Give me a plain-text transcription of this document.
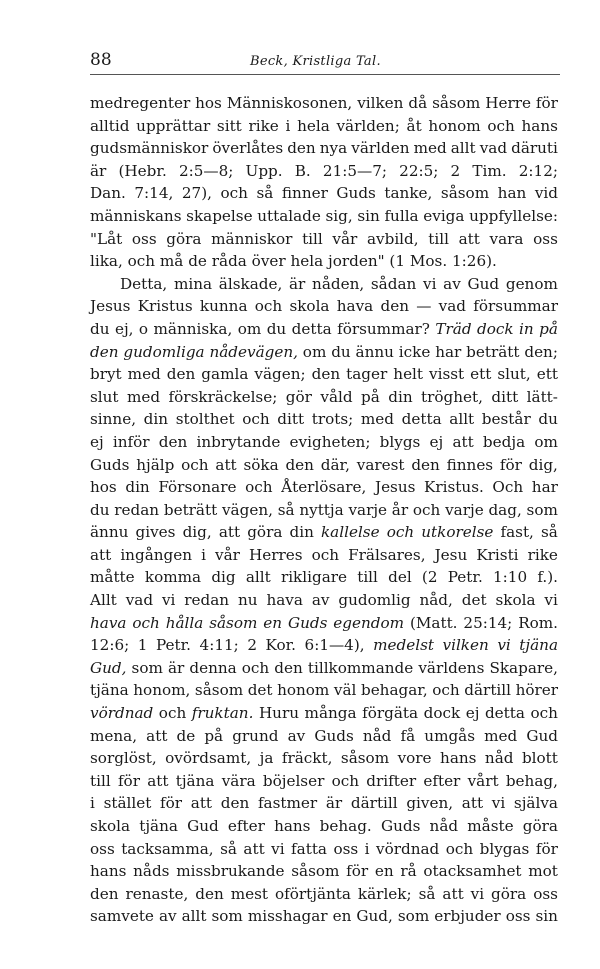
88	Beck, Kristliga Tal.
medregenter hos Människosonen, vilken då såsom Herre för
alltid upprättar sitt rike i hela världen; åt honom och hans
gudsmänniskor överlåtes den nya världen med allt vad däruti
är (Hebr. 2:5—8; Upp. B. 21:5—7; 22:5; 2 Tim. 2:12;
Dan. 7:14, 27), och så finner Guds tanke, såsom han vid
människans skapelse uttalade sig, sin fulla eviga uppfyllelse:
"Låt oss göra människor till vår avbild, till att vara oss
lika, och må de råda över hela jorden" (1 Mos. 1:26).
Detta, mina älskade, är nåden, sådan vi av Gud genom
Jesus Kristus kunna och skola hava den — vad försummar
du ej, o människa, om du detta försummar? Träd dock in på
den gudomliga nådevägen, om du ännu icke har beträtt den;
bryt med den gamla vägen; den tager helt visst ett slut, ett
slut med förskräckelse; gör våld på din tröghet, ditt lätt-
sinne, din stolthet och ditt trots; med detta allt består du
ej inför den inbrytande evigheten; blygs ej att bedja om
Guds hjälp och att söka den där, varest den finnes för dig,
hos din Försonare och Återlösare, Jesus Kristus. Och har
du redan beträtt vägen, så nyttja varje år och varje dag, som
ännu gives dig, att göra din kallelse och utkorelse fast, så
att ingången i vår Herres och Frälsares, Jesu Kristi rike
måtte komma dig allt rikligare till del (2 Petr. 1:10 f.).
Allt vad vi redan nu hava av gudomlig nåd, det skola vi
hava och hålla såsom en Guds egendom (Matt. 25:14; Rom.
12:6; 1 Petr. 4:11; 2 Kor. 6:1—4), medelst vilken vi tjäna
Gud, som är denna och den tillkommande världens Skapare,
tjäna honom, såsom det honom väl behagar, och därtill hörer
vördnad och fruktan. Huru många förgäta dock ej detta och
mena, att de på grund av Guds nåd få umgås med Gud
sorglöst, ovördsamt, ja fräckt, såsom vore hans nåd blott
till för att tjäna vära böjelser och drifter efter vårt behag,
i stället för att den fastmer är därtill given, att vi själva
skola tjäna Gud efter hans behag. Guds nåd måste göra
oss tacksamma, så att vi fatta oss i vördnad och blygas för
hans nåds missbrukande såsom för en rå otacksamhet mot
den renaste, den mest oförtjänta kärlek; så att vi göra oss
samvete av allt som misshagar en Gud, som erbjuder oss sin
